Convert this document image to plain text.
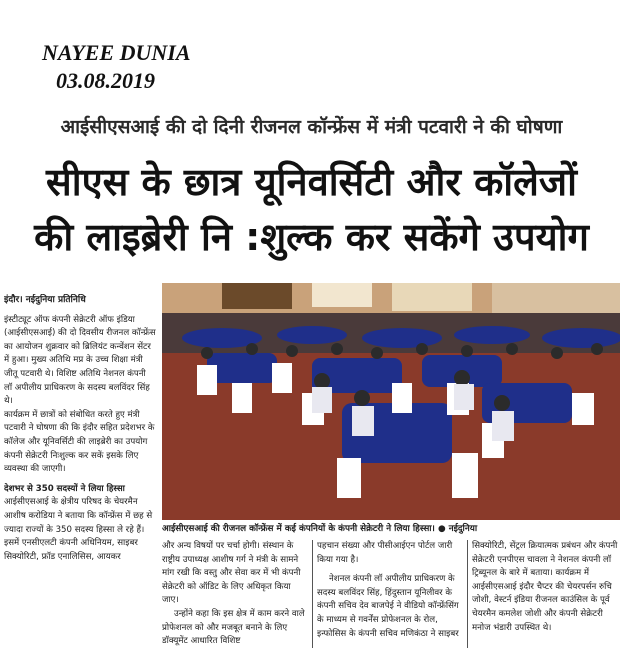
NAYEE DUNIA
03.08.2019
आईसीएसआई की दो दिनी रीजनल कॉन्फ्रेंस में मंत्री पटवारी ने की घोषणा
सीएस के छात्र यूनिवर्सिटी और कॉलेजों
की लाइब्रेरी नि :शुल्क कर सकेंगे उपयोग

इंदौर। नईदुनिया प्रतिनिधि

इंस्टीट्यूट ऑफ कंपनी सेक्रेटरी ऑफ इंडिया (आईसीएसआई) की दो दिवसीय रीजनल कॉन्फ्रेंस का आयोजन शुक्रवार को ब्रिलियंट कन्वेंशन सेंटर में हुआ। मुख्य अतिथि मप्र के उच्च शिक्षा मंत्री जीतू पटवारी थे। विशिष्ट अतिथि नेशनल कंपनी लॉ अपीलीय प्राधिकरण के सदस्य बलविंदर सिंह थे।

कार्यक्रम में छात्रों को संबोधित करते हुए मंत्री पटवारी ने घोषणा की कि इंदौर सहित प्रदेशभर के कॉलेज और यूनिवर्सिटी की लाइब्रेरी का उपयोग कंपनी सेक्रेटरी निःशुल्क कर सकें इसके लिए व्यवस्था की जाएगी।

देशभर से 350 सदस्यों ने लिया हिस्सा

आईसीएसआई के क्षेत्रीय परिषद के चेयरमैन आशीष करोडिया ने बताया कि कॉन्फ्रेंस में छह से ज्यादा राज्यों के 350 सदस्य हिस्सा ले रहे हैं। इसमें एनसीएलटी कंपनी अधिनियम, साइबर सिक्योरिटी, फ्रॉड एनालिसिस, आयकर

आईसीएसआई की रीजनल कॉन्फ्रेंस में कई कंपनियों के कंपनी सेक्रेटरी ने लिया हिस्सा। ● नईदुनिया

और अन्य विषयों पर चर्चा होगी। संस्थान के राष्ट्रीय उपाध्यक्ष आशीष गर्ग ने मंत्री के सामने मांग रखी कि वस्तु और सेवा कर में भी कंपनी सेक्रेटरी को ऑडिट के लिए अधिकृत किया जाए।

उन्होंने कहा कि इस क्षेत्र में काम करने वाले प्रोफेशनल को और मजबूत बनाने के लिए डॉक्यूमेंट आधारित विशिष्ट

पहचान संख्या और पीसीआईएन पोर्टल जारी किया गया है।

नेशनल कंपनी लॉ अपीलीय प्राधिकरण के सदस्य बलविंदर सिंह, हिंदुस्तान यूनिलीवर के कंपनी सचिव देव बाजपेई ने वीडियो कॉन्फ्रेंसिंग के माध्यम से गवर्नेंस प्रोफेशनल के रोल, इन्फोसिस के कंपनी सचिव मणिकंठा ने साइबर

सिक्योरिटी, सेंट्रल क्रियात्मक प्रबंधन और कंपनी सेक्रेटरी एनपीएस चावला ने नेशनल कंपनी लॉ ट्रिब्यूनल के बारे में बताया। कार्यक्रम में आईसीएसआई इंदौर चैप्टर की चेयरपर्सन रुचि जोशी, वेस्टर्न इंडिया रीजनल काउंसिल के पूर्व चेयरमैन कमलेश जोशी और कंपनी सेक्रेटरी मनोज भंडारी उपस्थित थे।
